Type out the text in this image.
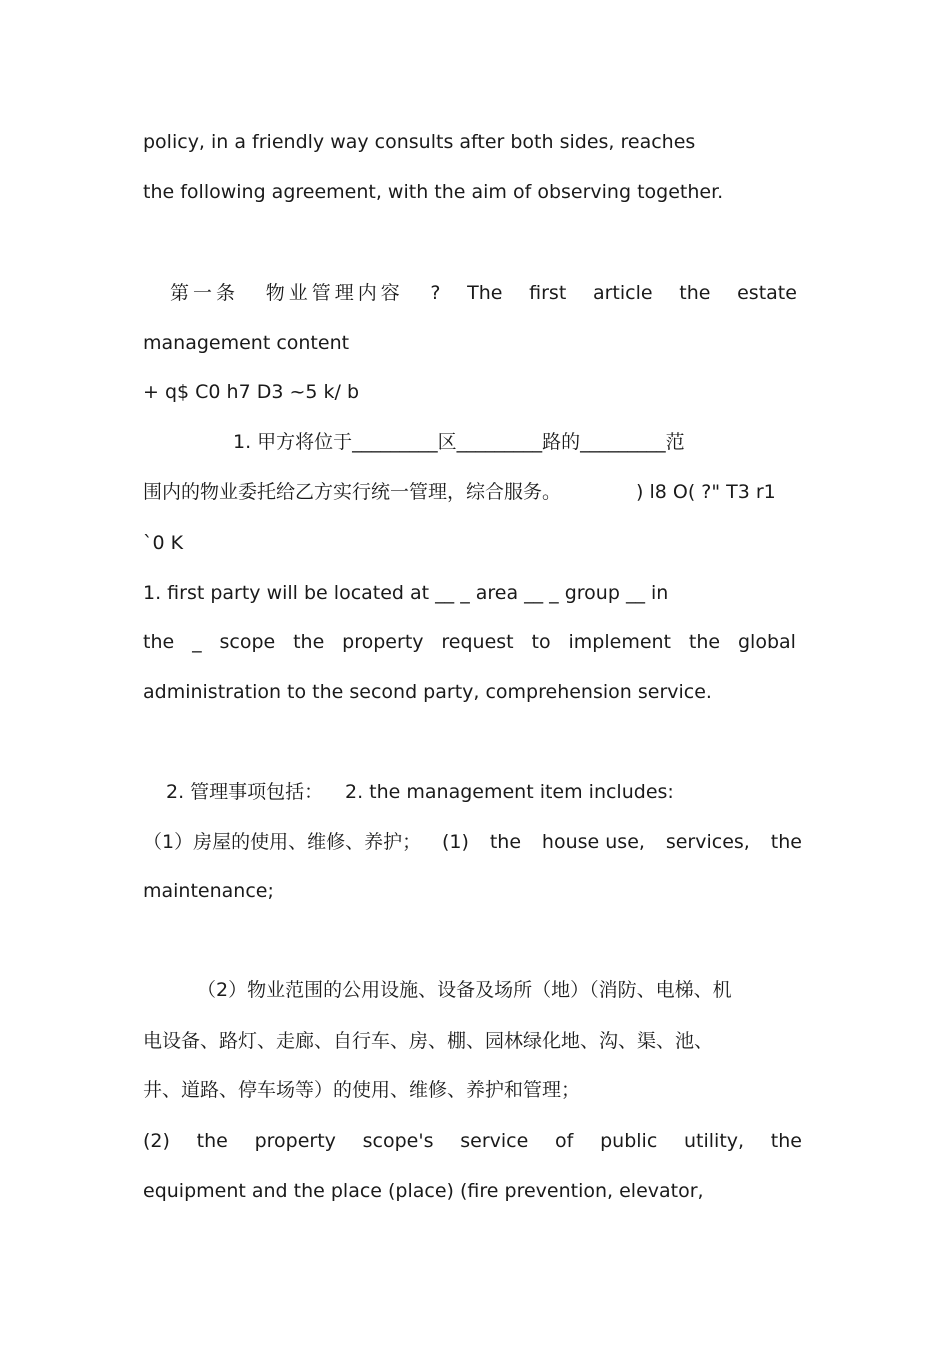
policy, in a friendly way consults after both sides, reaches

the following agreement, with the aim of observing together.

第一条 物业管理内容 ? The first article the estate

management content

+ q$ C0 h7 D3 ~5 k/ b

1. 甲方将位于_________区_________路的_________范

围内的物业委托给乙方实行统一管理，综合服务。	) l8 O( ?" T3 r1

`0 K

1. first party will be located at __ _ area __ _ group __ in

the _ scope the property request to implement the global

administration to the second party, comprehension service.

2. 管理事项包括： 2. the management item includes:

（1）房屋的使用、维修、养护； (1) the house use, services, the

maintenance;

（2）物业范围的公用设施、设备及场所（地）（消防、电梯、机

电设备、路灯、走廊、自行车、房、棚、园林绿化地、沟、渠、池、

井、道路、停车场等）的使用、维修、养护和管理；

(2) the property scope's service of public utility, the

equipment and the place (place) (fire prevention, elevator,
